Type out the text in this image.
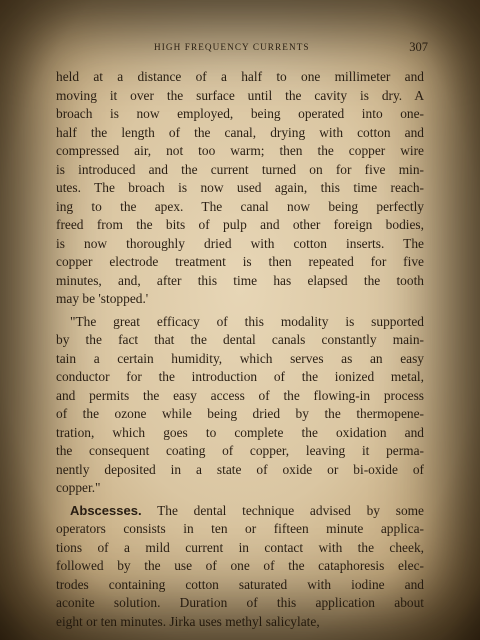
HIGH FREQUENCY CURRENTS	307

held at a distance of a half to one millimeter and
moving it over the surface until the cavity is dry. A
broach is now employed, being operated into one-
half the length of the canal, drying with cotton and
compressed air, not too warm; then the copper wire
is introduced and the current turned on for five min-
utes. The broach is now used again, this time reach-
ing to the apex. The canal now being perfectly
freed from the bits of pulp and other foreign bodies,
is now thoroughly dried with cotton inserts. The
copper electrode treatment is then repeated for five
minutes, and, after this time has elapsed the tooth
may be 'stopped.'

"The great efficacy of this modality is supported
by the fact that the dental canals constantly main-
tain a certain humidity, which serves as an easy
conductor for the introduction of the ionized metal,
and permits the easy access of the flowing-in process
of the ozone while being dried by the thermopene-
tration, which goes to complete the oxidation and
the consequent coating of copper, leaving it perma-
nently deposited in a state of oxide or bi-oxide of
copper."

Abscesses. The dental technique advised by some
operators consists in ten or fifteen minute applica-
tions of a mild current in contact with the cheek,
followed by the use of one of the cataphoresis elec-
trodes containing cotton saturated with iodine and
aconite solution. Duration of this application about
eight or ten minutes. Jirka uses methyl salicylate,
